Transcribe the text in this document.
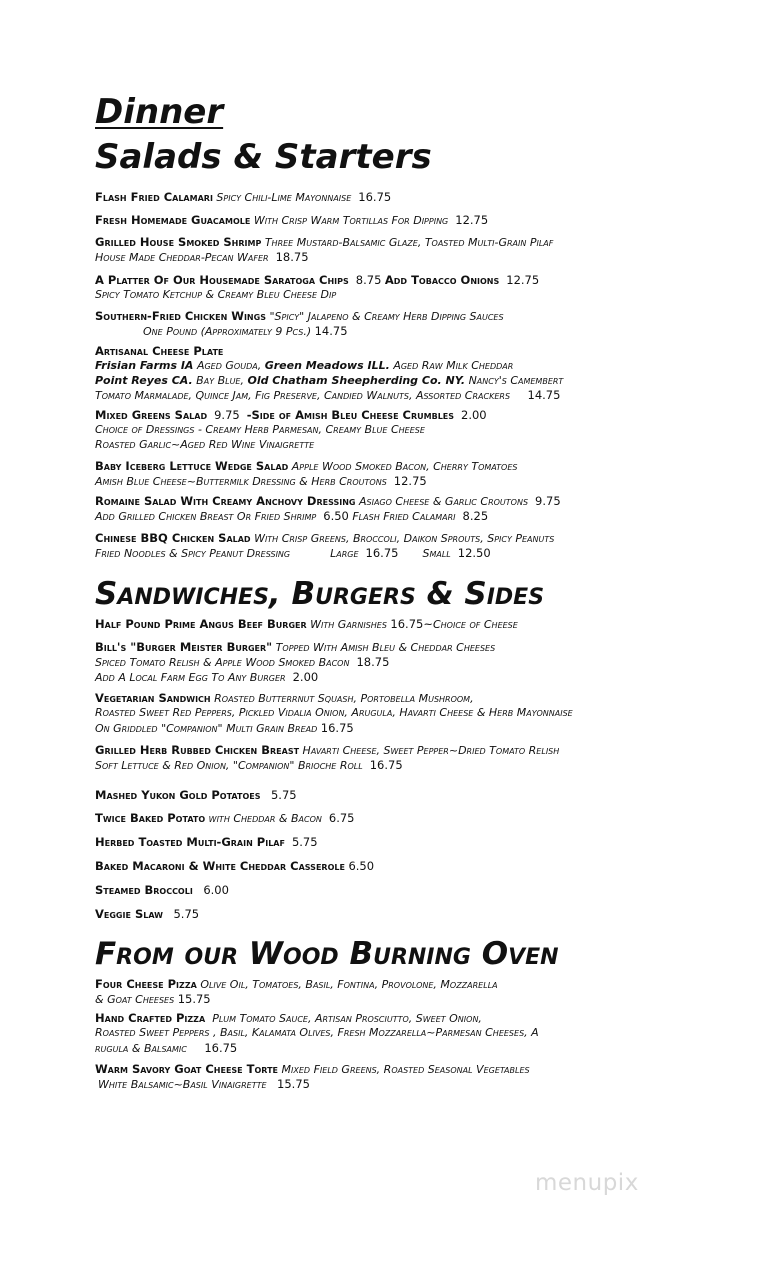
Dinner
Salads & Starters
Flash Fried Calamari Spicy Chili-Lime Mayonnaise 16.75
Fresh Homemade Guacamole With Crisp Warm Tortillas For Dipping 12.75
Grilled House Smoked Shrimp Three Mustard-Balsamic Glaze, Toasted Multi-Grain Pilaf
House Made Cheddar-Pecan Wafer 18.75
A Platter Of Our Housemade Saratoga Chips 8.75 Add Tobacco Onions 12.75
Spicy Tomato Ketchup & Creamy Bleu Cheese Dip
Southern-Fried Chicken Wings "Spicy" Jalapeno & Creamy Herb Dipping Sauces
One Pound (Approximately 9 Pcs.) 14.75
Artisanal Cheese Plate
Frisian Farms IA Aged Gouda, Green Meadows ILL. Aged Raw Milk Cheddar
Point Reyes CA. Bay Blue, Old Chatham Sheepherding Co. NY. Nancy's Camembert
Tomato Marmalade, Quince Jam, Fig Preserve, Candied Walnuts, Assorted Crackers 14.75
Mixed Greens Salad 9.75 -Side of Amish Bleu Cheese Crumbles 2.00
Choice of Dressings - Creamy Herb Parmesan, Creamy Blue Cheese
Roasted Garlic~Aged Red Wine Vinaigrette
Baby Iceberg Lettuce Wedge Salad Apple Wood Smoked Bacon, Cherry Tomatoes
Amish Blue Cheese~Buttermilk Dressing & Herb Croutons 12.75
Romaine Salad With Creamy Anchovy Dressing Asiago Cheese & Garlic Croutons 9.75
Add Grilled Chicken Breast Or Fried Shrimp 6.50 Flash Fried Calamari 8.25
Chinese BBQ Chicken Salad With Crisp Greens, Broccoli, Daikon Sprouts, Spicy Peanuts
Fried Noodles & Spicy Peanut Dressing	Large 16.75 Small 12.50
Sandwiches, Burgers & Sides
Half Pound Prime Angus Beef Burger With Garnishes 16.75~Choice of Cheese
Bill's "Burger Meister Burger" Topped With Amish Bleu & Cheddar Cheeses
Spiced Tomato Relish & Apple Wood Smoked Bacon 18.75
Add A Local Farm Egg To Any Burger 2.00
Vegetarian Sandwich Roasted Butterrnut Squash, Portobella Mushroom,
Roasted Sweet Red Peppers, Pickled Vidalia Onion, Arugula, Havarti Cheese & Herb Mayonnaise
On Griddled "Companion" Multi Grain Bread 16.75
Grilled Herb Rubbed Chicken Breast Havarti Cheese, Sweet Pepper~Dried Tomato Relish
Soft Lettuce & Red Onion, "Companion" Brioche Roll 16.75
Mashed Yukon Gold Potatoes 5.75
Twice Baked Potato with Cheddar & Bacon 6.75
Herbed Toasted Multi-Grain Pilaf 5.75
Baked Macaroni & White Cheddar Casserole 6.50
Steamed Broccoli 6.00
Veggie Slaw 5.75
From our Wood Burning Oven
Four Cheese Pizza Olive Oil, Tomatoes, Basil, Fontina, Provolone, Mozzarella
& Goat Cheeses 15.75
Hand Crafted Pizza Plum Tomato Sauce, Artisan Prosciutto, Sweet Onion,
Roasted Sweet Peppers , Basil, Kalamata Olives, Fresh Mozzarella~Parmesan Cheeses, A
rugula & Balsamic 16.75
Warm Savory Goat Cheese Torte Mixed Field Greens, Roasted Seasonal Vegetables
White Balsamic~Basil Vinaigrette 15.75
menupix
